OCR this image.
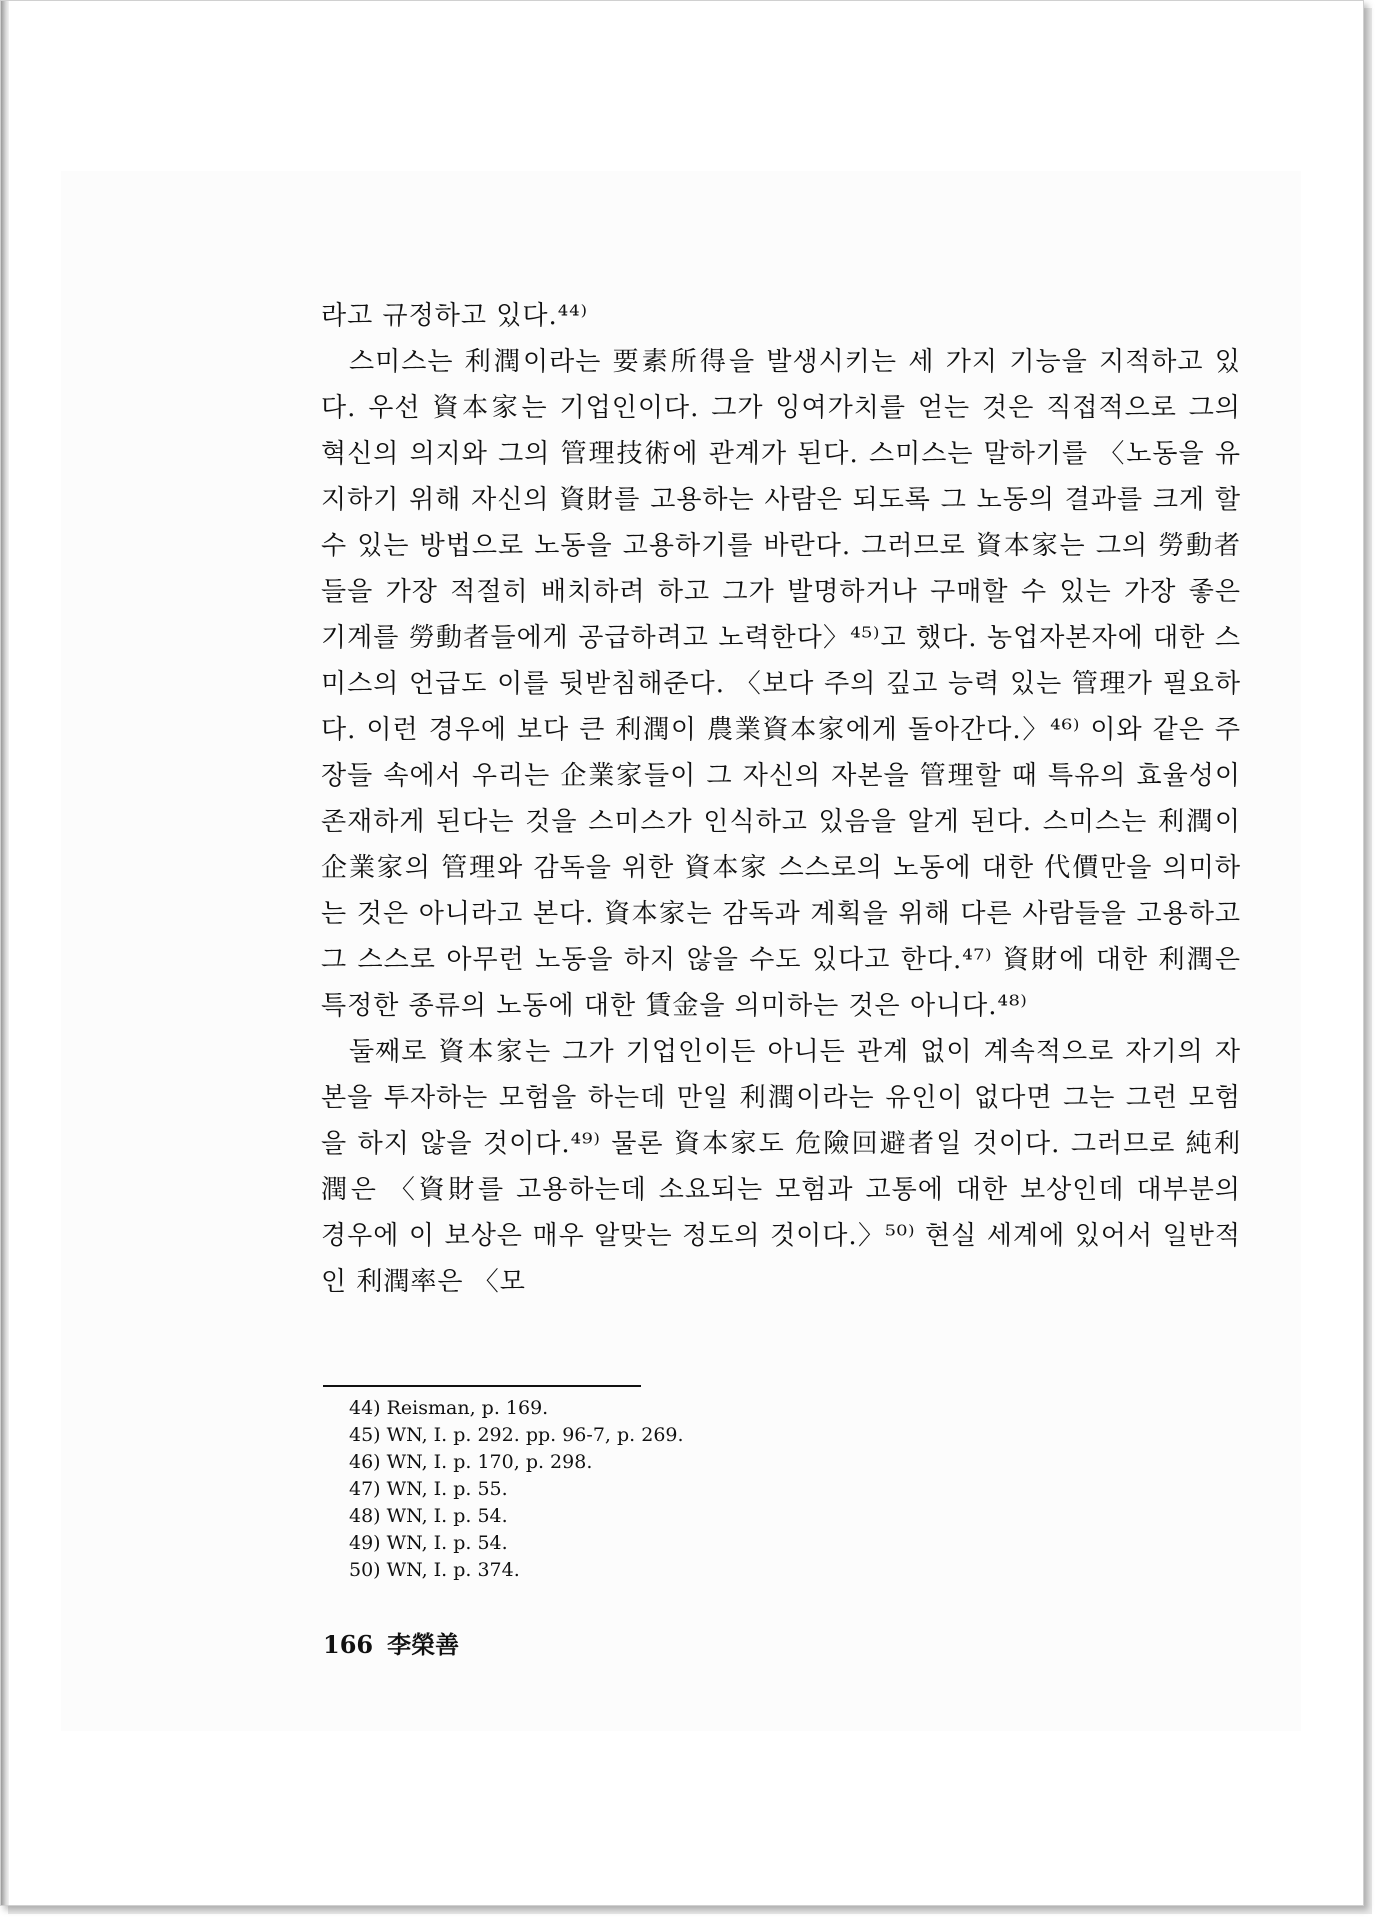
라고 규정하고 있다.⁴⁴⁾

스미스는 利潤이라는 要素所得을 발생시키는 세 가지 기능을 지적하고 있다. 우선 資本家는 기업인이다. 그가 잉여가치를 얻는 것은 직접적으로 그의 혁신의 의지와 그의 管理技術에 관계가 된다. 스미스는 말하기를 〈노동을 유지하기 위해 자신의 資財를 고용하는 사람은 되도록 그 노동의 결과를 크게 할 수 있는 방법으로 노동을 고용하기를 바란다. 그러므로 資本家는 그의 勞動者들을 가장 적절히 배치하려 하고 그가 발명하거나 구매할 수 있는 가장 좋은 기계를 勞動者들에게 공급하려고 노력한다〉⁴⁵⁾고 했다. 농업자본자에 대한 스미스의 언급도 이를 뒷받침해준다. 〈보다 주의 깊고 능력 있는 管理가 필요하다. 이런 경우에 보다 큰 利潤이 農業資本家에게 돌아간다.〉⁴⁶⁾ 이와 같은 주장들 속에서 우리는 企業家들이 그 자신의 자본을 管理할 때 특유의 효율성이 존재하게 된다는 것을 스미스가 인식하고 있음을 알게 된다. 스미스는 利潤이 企業家의 管理와 감독을 위한 資本家 스스로의 노동에 대한 代價만을 의미하는 것은 아니라고 본다. 資本家는 감독과 계획을 위해 다른 사람들을 고용하고 그 스스로 아무런 노동을 하지 않을 수도 있다고 한다.⁴⁷⁾ 資財에 대한 利潤은 특정한 종류의 노동에 대한 賃金을 의미하는 것은 아니다.⁴⁸⁾

둘째로 資本家는 그가 기업인이든 아니든 관계 없이 계속적으로 자기의 자본을 투자하는 모험을 하는데 만일 利潤이라는 유인이 없다면 그는 그런 모험을 하지 않을 것이다.⁴⁹⁾ 물론 資本家도 危險回避者일 것이다. 그러므로 純利潤은 〈資財를 고용하는데 소요되는 모험과 고통에 대한 보상인데 대부분의 경우에 이 보상은 매우 알맞는 정도의 것이다.〉⁵⁰⁾ 현실 세계에 있어서 일반적인 利潤率은 〈모

44) Reisman, p. 169.
45) WN, I. p. 292. pp. 96-7, p. 269.
46) WN, I. p. 170, p. 298.
47) WN, I. p. 55.
48) WN, I. p. 54.
49) WN, I. p. 54.
50) WN, I. p. 374.
166 李榮善
